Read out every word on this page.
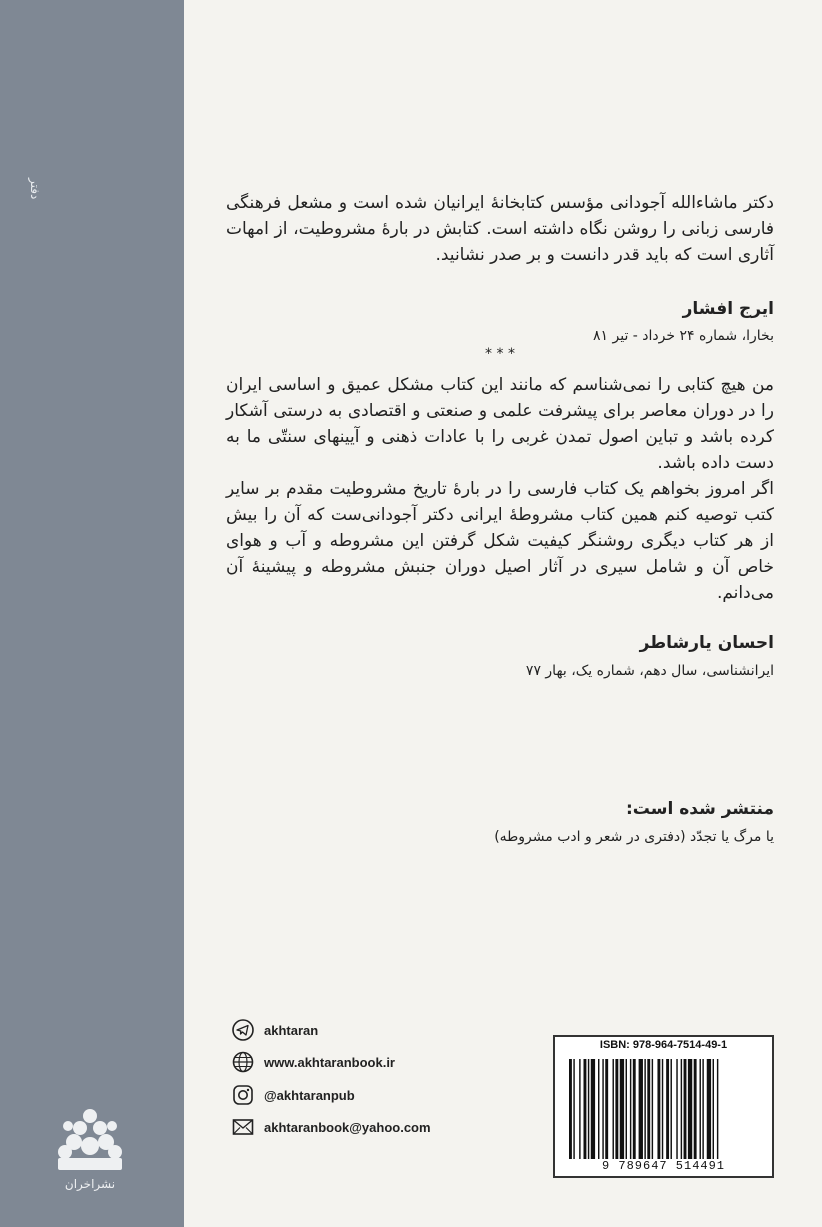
دفتر
نشراخران
دکتر ماشاءالله آجودانی مؤسس کتابخانهٔ ایرانیان شده است و مشعل فرهنگی فارسی زبانی را روشن نگاه داشته است. کتابش در بارهٔ مشروطیت، از امهات آثاری است که باید قدر دانست و بر صدر نشانید.
ایرج افشار
بخارا، شماره ۲۴ خرداد - تیر ۸۱
* * *
من هیچ کتابی را نمی‌شناسم که مانند این کتاب مشکل عمیق و اساسی ایران را در دوران معاصر برای پیشرفت علمی و صنعتی و اقتصادی به درستی آشکار کرده باشد و تباین اصول تمدن غربی را با عادات ذهنی و آیینهای سنتّی ما به دست داده باشد.
اگر امروز بخواهم یک کتاب فارسی را در بارهٔ تاریخ مشروطیت مقدم بر سایر کتب توصیه کنم همین کتاب مشروطهٔ ایرانی دکتر آجودانی‌ست که آن را بیش از هر کتاب دیگری روشنگر کیفیت شکل گرفتن این مشروطه و آب و هوای خاص آن و شامل سیری در آثار اصیل دوران جنبش مشروطه و پیشینهٔ آن می‌دانم.
احسان یارشاطر
ایرانشناسی، سال دهم، شماره یک، بهار ۷۷
منتشر شده است:
یا مرگ یا تجدّد (دفتری در شعر و ادب مشروطه)
akhtaran
www.akhtaranbook.ir
@akhtaranpub
akhtaranbook@yahoo.com
ISBN: 978-964-7514-49-1
9 789647 514491
